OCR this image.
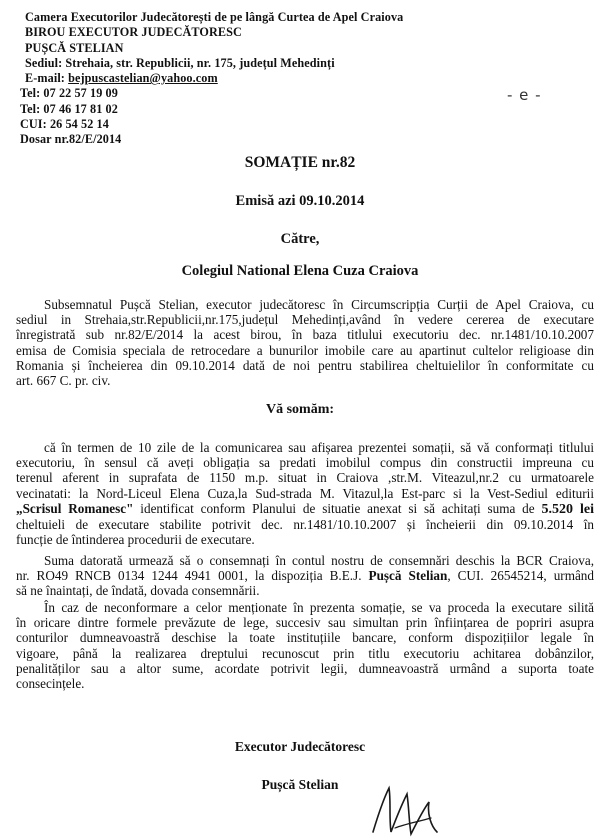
Camera Executorilor Judecătorești de pe lângă Curtea de Apel Craiova
BIROU EXECUTOR JUDECĂTORESC
PUȘCĂ STELIAN
Sediul: Strehaia, str. Republicii, nr. 175, județul Mehedinți
E-mail: bejpuscastelian@yahoo.com
Tel: 07 22 57 19 09
Tel: 07 46 17 81 02
CUI: 26 54 52 14
Dosar nr.82/E/2014
- e -
SOMAȚIE nr.82
Emisă azi 09.10.2014
Către,
Colegiul National Elena Cuza Craiova
Subsemnatul Pușcă Stelian, executor judecătoresc în Circumscripția Curții de Apel Craiova, cu
sediul in Strehaia,str.Republicii,nr.175,județul Mehedinți,având în vedere cererea de executare
înregistrată sub nr.82/E/2014 la acest birou, în baza titlului executoriu dec. nr.1481/10.10.2007
emisa de Comisia speciala de retrocedare a bunurilor imobile care au apartinut cultelor religioase din
Romania și încheierea din 09.10.2014 dată de noi pentru stabilirea cheltuielilor în conformitate cu
art. 667 C. pr. civ.
Vă somăm:
că în termen de 10 zile de la comunicarea sau afișarea prezentei somații, să vă conformați titlului
executoriu, în sensul că aveți obligația sa predati imobilul compus din constructii impreuna cu
terenul aferent in suprafata de 1150 m.p. situat in Craiova ,str.M. Viteazul,nr.2 cu urmatoarele
vecinatati: la Nord-Liceul Elena Cuza,la Sud-strada M. Vitazul,la Est-parc si la Vest-Sediul editurii
„Scrisul Romanesc" identificat conform Planului de situatie anexat si să achitați suma de 5.520 lei
cheltuieli de executare stabilite potrivit dec. nr.1481/10.10.2007 și încheierii din 09.10.2014 în
funcție de întinderea procedurii de executare.
Suma datorată urmează să o consemnați în contul nostru de consemnări deschis la BCR Craiova,
nr. RO49 RNCB 0134 1244 4941 0001, la dispoziția B.E.J. Pușcă Stelian, CUI. 26545214, urmând
să ne înaintați, de îndată, dovada consemnării.
În caz de neconformare a celor menționate în prezenta somație, se va proceda la executare silită
în oricare dintre formele prevăzute de lege, succesiv sau simultan prin înființarea de popriri asupra
conturilor dumneavoastră deschise la toate instituțiile bancare, conform dispozițiilor legale în
vigoare, până la realizarea dreptului recunoscut prin titlu executoriu achitarea dobânzilor,
penalităților sau a altor sume, acordate potrivit legii, dumneavoastră urmând a suporta toate
consecințele.
Executor Judecătoresc
Pușcă Stelian
